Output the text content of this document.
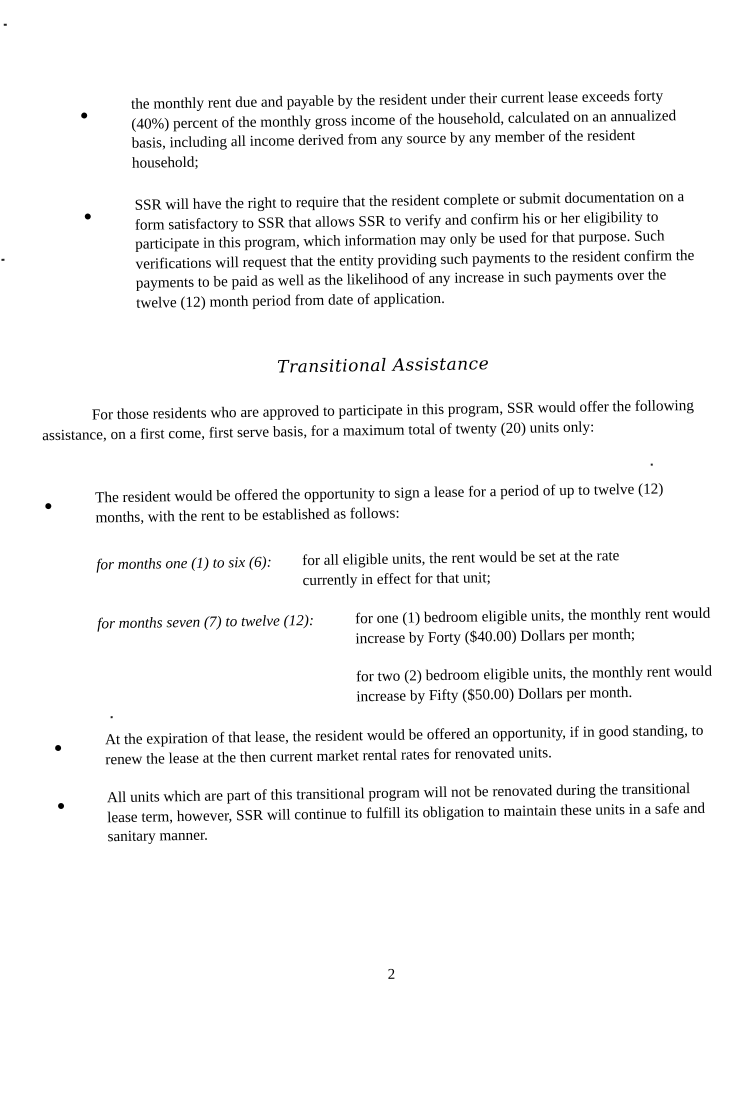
the monthly rent due and payable by the resident under their current lease exceeds forty (40%) percent of the monthly gross income of the household, calculated on an annualized basis, including all income derived from any source by any member of the resident household;

SSR will have the right to require that the resident complete or submit documentation on a form satisfactory to SSR that allows SSR to verify and confirm his or her eligibility to participate in this program, which information may only be used for that purpose. Such verifications will request that the entity providing such payments to the resident confirm the payments to be paid as well as the likelihood of any increase in such payments over the twelve (12) month period from date of application.

Transitional Assistance

For those residents who are approved to participate in this program, SSR would offer the following assistance, on a first come, first serve basis, for a maximum total of twenty (20) units only:

The resident would be offered the opportunity to sign a lease for a period of up to twelve (12) months, with the rent to be established as follows:

for months one (1) to six (6): for all eligible units, the rent would be set at the rate currently in effect for that unit;
for months seven (7) to twelve (12):	for one (1) bedroom eligible units, the monthly rent would increase by Forty ($40.00) Dollars per month;

for two (2) bedroom eligible units, the monthly rent would increase by Fifty ($50.00) Dollars per month.

At the expiration of that lease, the resident would be offered an opportunity, if in good standing, to renew the lease at the then current market rental rates for renovated units.

All units which are part of this transitional program will not be renovated during the transitional lease term, however, SSR will continue to fulfill its obligation to maintain these units in a safe and sanitary manner.

2
